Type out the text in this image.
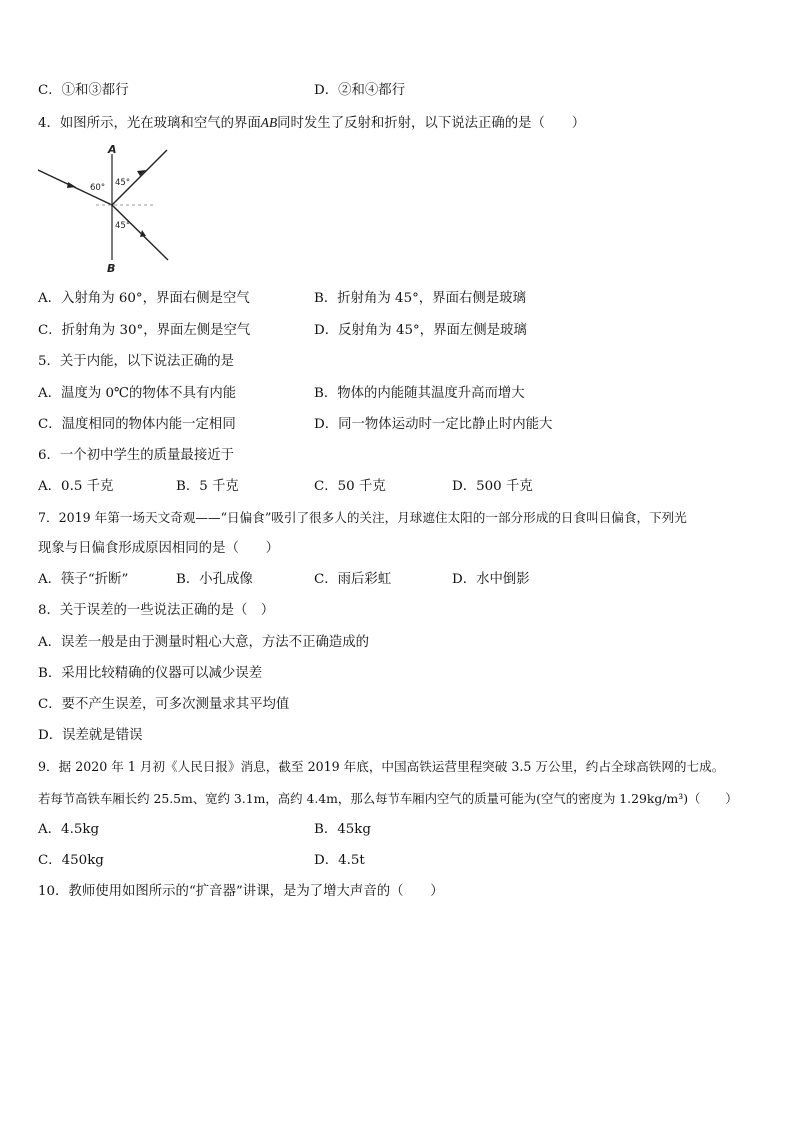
C．①和③都行	D．②和④都行
4．如图所示，光在玻璃和空气的界面AB同时发生了反射和折射，以下说法正确的是（　　）
A
B
60° 45°
45°
A．入射角为 60°，界面右侧是空气	B．折射角为 45°，界面右侧是玻璃
C．折射角为 30°，界面左侧是空气	D．反射角为 45°，界面左侧是玻璃
5．关于内能，以下说法正确的是
A．温度为 0℃的物体不具有内能	B．物体的内能随其温度升高而增大
C．温度相同的物体内能一定相同	D．同一物体运动时一定比静止时内能大
6．一个初中学生的质量最接近于
A．0.5 千克	B．5 千克	C．50 千克	D．500 千克
7．2019 年第一场天文奇观——“日偏食”吸引了很多人的关注，月球遮住太阳的一部分形成的日食叫日偏食，下列光
现象与日偏食形成原因相同的是（　　）
A．筷子“折断”	B．小孔成像	C．雨后彩虹	D．水中倒影
8．关于误差的一些说法正确的是（　）
A．误差一般是由于测量时粗心大意，方法不正确造成的
B．采用比较精确的仪器可以减少误差
C．要不产生误差，可多次测量求其平均值
D．误差就是错误
9．据 2020 年 1 月初《人民日报》消息，截至 2019 年底，中国高铁运营里程突破 3.5 万公里，约占全球高铁网的七成。
若每节高铁车厢长约 25.5m、宽约 3.1m，高约 4.4m，那么每节车厢内空气的质量可能为(空气的密度为 1.29kg/m³)（　　）
A．4.5kg	B．45kg
C．450kg	D．4.5t
10．教师使用如图所示的“扩音器”讲课，是为了增大声音的（　　）
